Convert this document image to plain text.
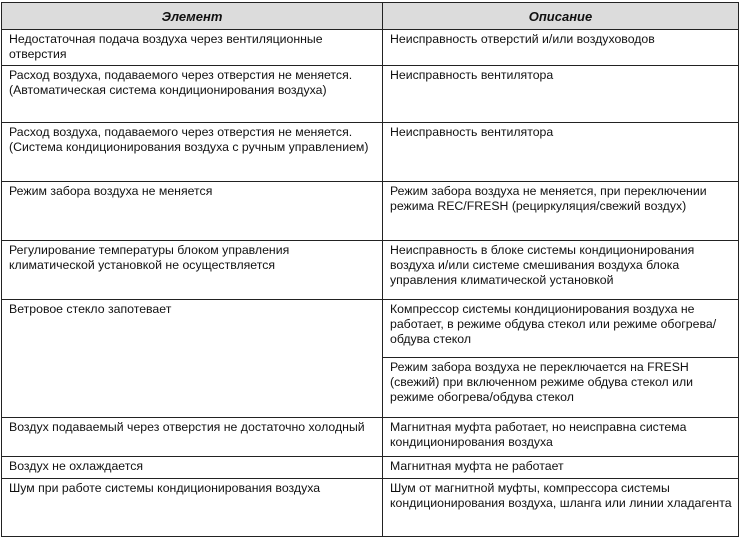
Элемент	Описание
Недостаточная подача воздуха через вентиляционные отверстия	Неисправность отверстий и/или воздуховодов
Расход воздуха, подаваемого через отверстия не меняется. (Автоматическая система кондиционирования воздуха)	Неисправность вентилятора
Расход воздуха, подаваемого через отверстия не меняется. (Система кондиционирования воздуха с ручным управлением)	Неисправность вентилятора
Режим забора воздуха не меняется	Режим забора воздуха не меняется, при переключении режима REC/FRESH (рециркуляция/свежий воздух)
Регулирование температуры блоком управления климатической установкой не осуществляется	Неисправность в блоке системы кондиционирования воздуха и/или системе смешивания воздуха блока управления климатической установкой
Ветровое стекло запотевает	Компрессор системы кондиционирования воздуха не работает, в режиме обдува стекол или режиме обогрева/обдува стекол
	Режим забора воздуха не переключается на FRESH (свежий) при включенном режиме обдува стекол или режиме обогрева/обдува стекол
Воздух подаваемый через отверстия не достаточно холодный	Магнитная муфта работает, но неисправна система кондиционирования воздуха
Воздух не охлаждается	Магнитная муфта не работает
Шум при работе системы кондиционирования воздуха	Шум от магнитной муфты, компрессора системы кондиционирования воздуха, шланга или линии хладагента
